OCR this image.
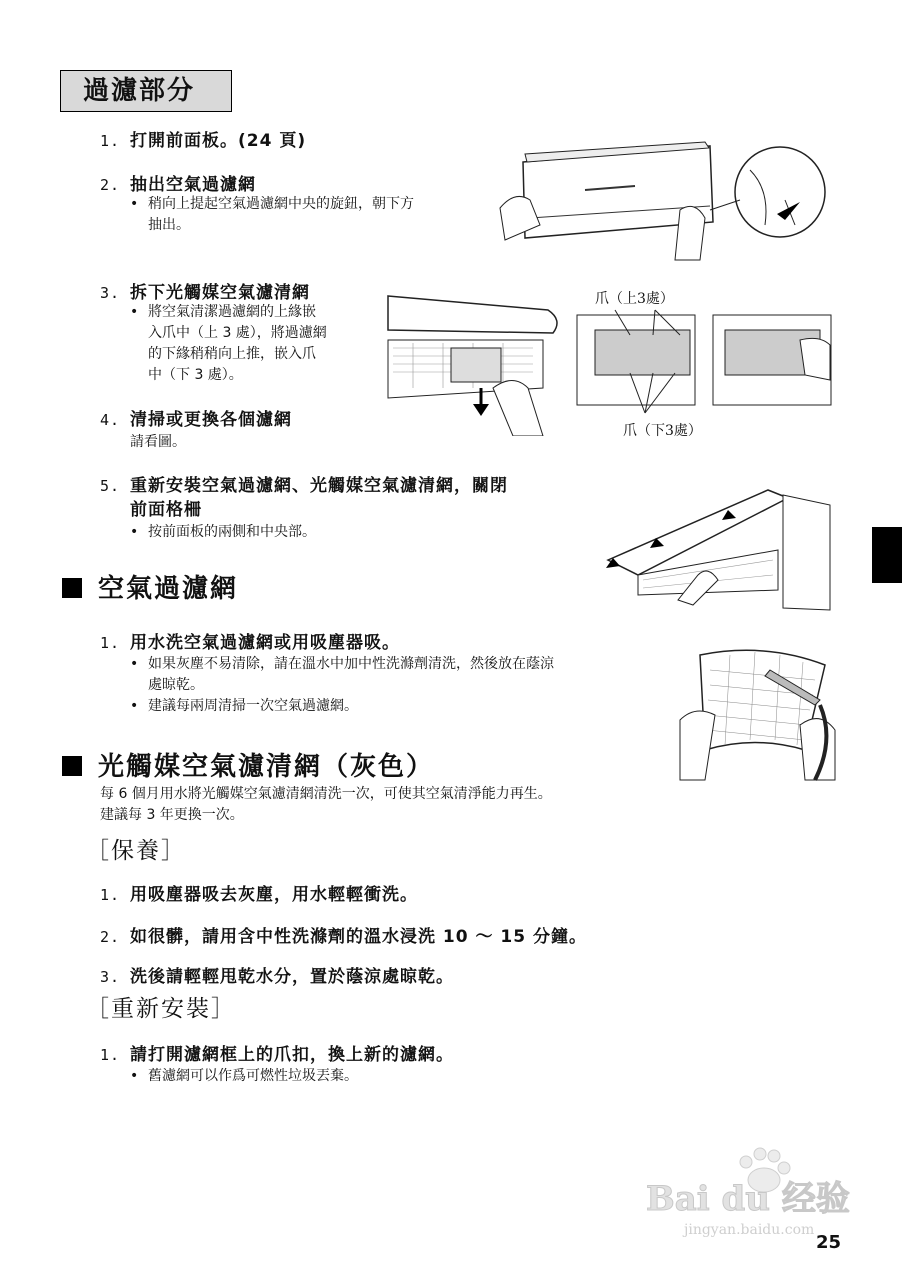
過濾部分
1. 打開前面板。(24 頁)
2. 抽出空氣過濾網
• 稍向上提起空氣過濾網中央的旋鈕，朝下方
抽出。
3. 拆下光觸媒空氣濾清網
• 將空氣清潔過濾網的上緣嵌
入爪中（上 3 處），將過濾網
的下緣稍稍向上推，嵌入爪
中（下 3 處）。
4. 清掃或更換各個濾網
請看圖。
5. 重新安裝空氣過濾網、光觸媒空氣濾清網，關閉
前面格柵
• 按前面板的兩側和中央部。
空氣過濾網
1. 用水洗空氣過濾網或用吸塵器吸。
• 如果灰塵不易清除，請在溫水中加中性洗滌劑清洗，然後放在蔭涼
處晾乾。
• 建議每兩周清掃一次空氣過濾網。
光觸媒空氣濾清網（灰色）
每 6 個月用水將光觸媒空氣濾清網清洗一次，可使其空氣清淨能力再生。
建議每 3 年更換一次。
［保養］
1. 用吸塵器吸去灰塵，用水輕輕衝洗。
2. 如很髒，請用含中性洗滌劑的溫水浸洗 10 ～ 15 分鐘。
3. 洗後請輕輕甩乾水分，置於蔭涼處晾乾。
［重新安裝］
1. 請打開濾網框上的爪扣，換上新的濾網。
• 舊濾網可以作爲可燃性垃圾丟棄。
爪（上3處）
爪（下3處）
Bai du 经验
jingyan.baidu.com
25
